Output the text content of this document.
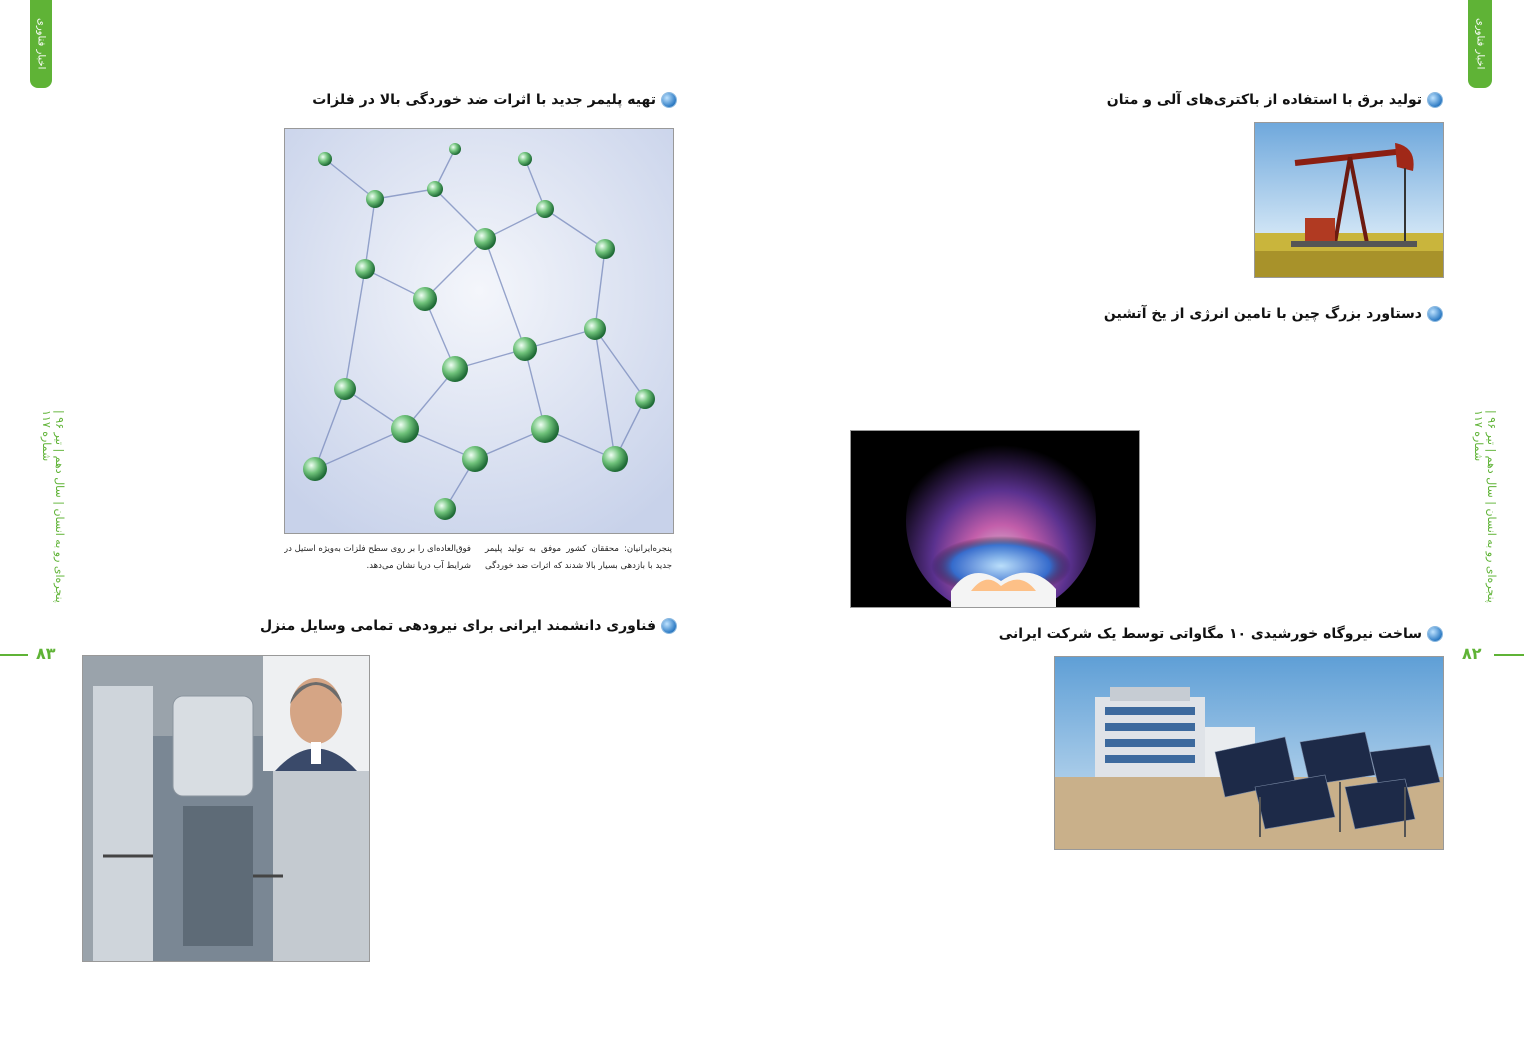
اخبار فناوری
پنجره‌ای رو به انسان | سال دهم | تیر ۹۶ | شماره ۱۱۷
۸۳
تهیه پلیمر جدید با اثرات ضد خوردگی بالا در فلزات

پنجره‌ایرانیان: محققان کشور موفق به تولید پلیمر جدید با بازدهی بسیار بالا شدند که اثرات ضد خوردگی فوق‌العاده‌ای را بر روی سطح فلزات به‌ویژه استیل در شرایط آب دریا نشان می‌دهد.

فناوری دانشمند ایرانی برای نیرودهی تمامی وسایل منزل
اخبار فناوری
پنجره‌ای رو به انسان | سال دهم | تیر ۹۶ | شماره ۱۱۷
۸۲
تولید برق با استفاده از باکتری‌های آلی و متان
دستاورد بزرگ چین با تامین انرژی از یخ آتشین
ساخت نیروگاه خورشیدی ۱۰ مگاواتی توسط یک شرکت ایرانی
